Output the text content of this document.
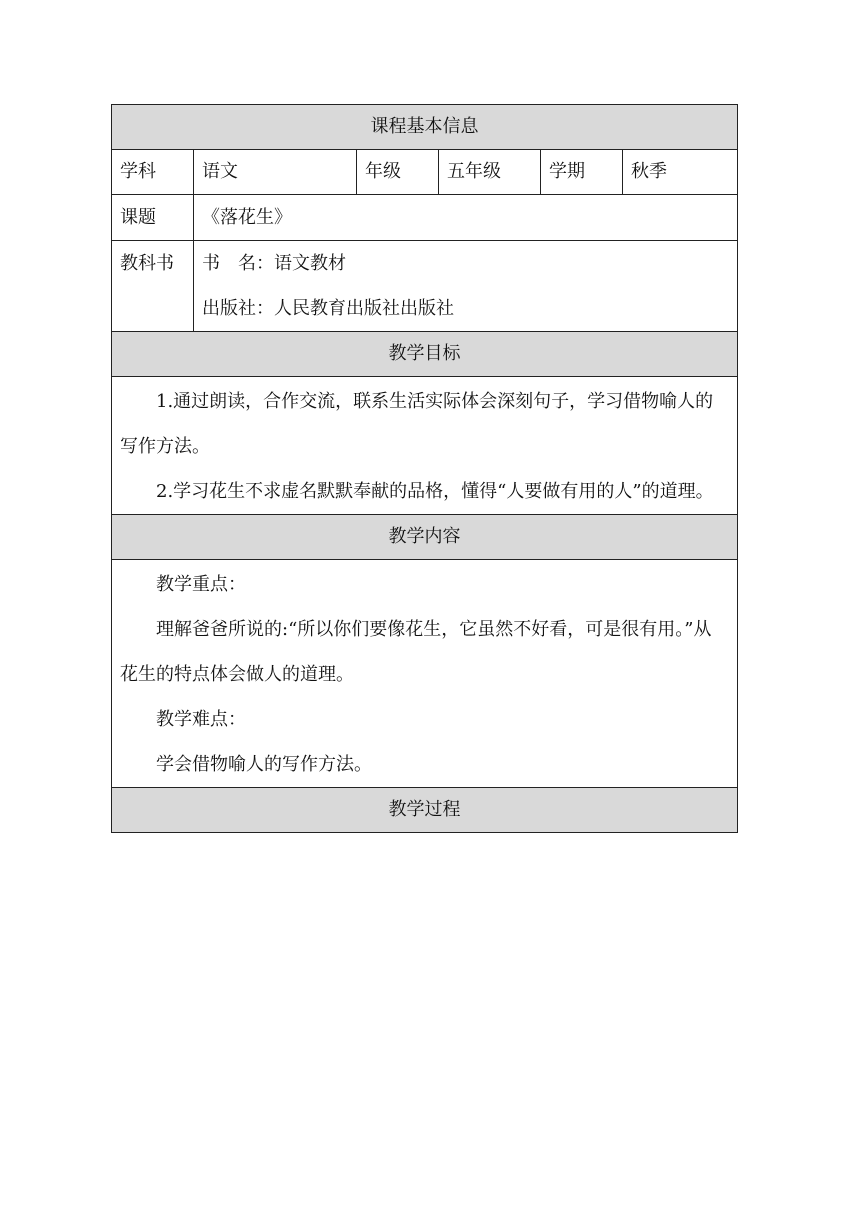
课程基本信息					
学科	语文	年级	五年级	学期	秋季
课题	《落花生》				
教科书	书　名：语文教材
出版社：人民教育出版社出版社				

教学目标					

1.通过朗读，合作交流，联系生活实际体会深刻句子，学习借物喻人的写作方法。
2.学习花生不求虚名默默奉献的品格，懂得“人要做有用的人”的道理。					

教学内容					

教学重点：
理解爸爸所说的:“所以你们要像花生，它虽然不好看，可是很有用。”从花生的特点体会做人的道理。
教学难点：
学会借物喻人的写作方法。					

教学过程					
